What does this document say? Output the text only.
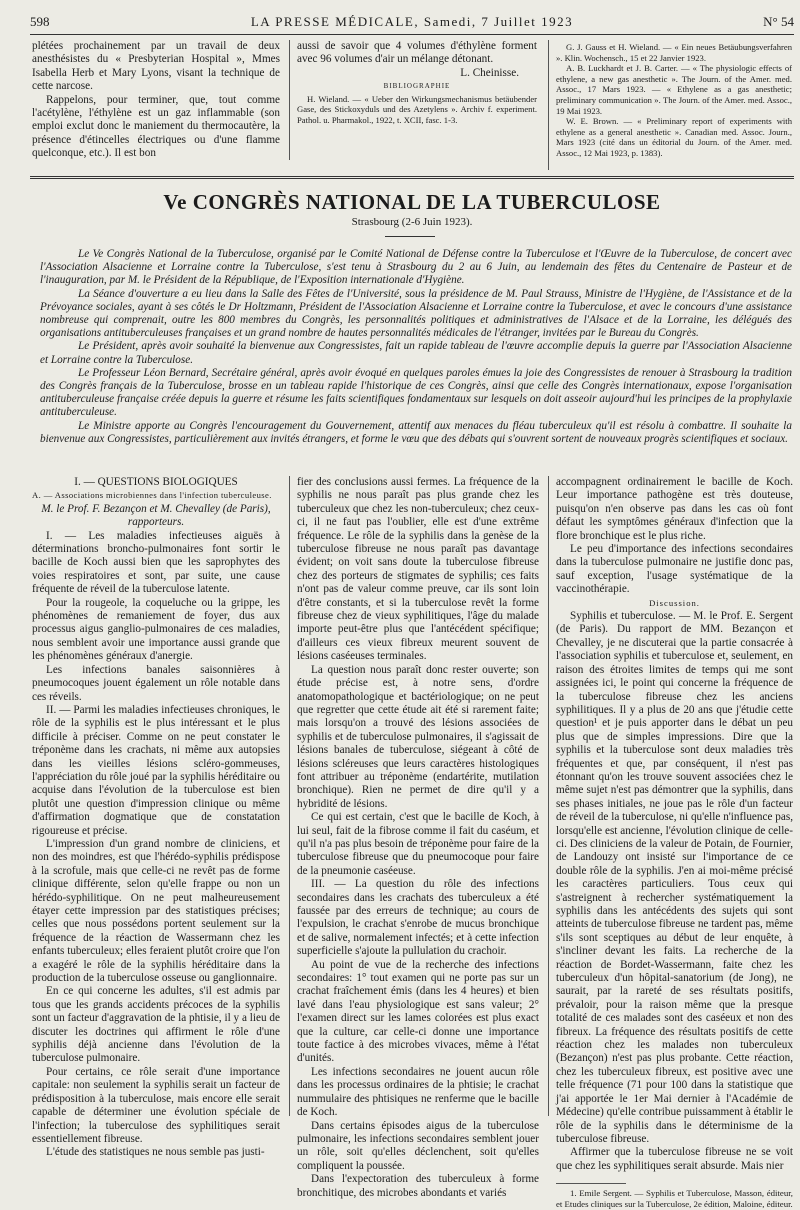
598	LA PRESSE MÉDICALE, Samedi, 7 Juillet 1923	N° 54

plétées prochainement par un travail de deux anesthésistes du « Presbyterian Hospital », Mmes Isabella Herb et Mary Lyons, visant la technique de cette narcose.

Rappelons, pour terminer, que, tout comme l'acétylène, l'éthylène est un gaz inflammable (son emploi exclut donc le maniement du thermocautère, la présence d'étincelles électriques ou d'une flamme quelconque, etc.). Il est bon

aussi de savoir que 4 volumes d'éthylène forment avec 96 volumes d'air un mélange détonant.

L. Cheinisse.

BIBLIOGRAPHIE

H. Wieland. — « Ueber den Wirkungsmechanismus betäubender Gase, des Stickoxyduls und des Azetylens ». Archiv f. experiment. Pathol. u. Pharmakol., 1922, t. XCII, fasc. 1-3.

G. J. Gauss et H. Wieland. — « Ein neues Betäubungsverfahren ». Klin. Wochensch., 15 et 22 Janvier 1923.

A. B. Luckhardt et J. B. Carter. — « The physiologic effects of ethylene, a new gas anesthetic ». The Journ. of the Amer. med. Assoc., 17 Mars 1923. — « Ethylene as a gas anesthetic; preliminary communication ». The Journ. of the Amer. med. Assoc., 19 Mai 1923.

W. E. Brown. — « Preliminary report of experiments with ethylene as a general anesthetic ». Canadian med. Assoc. Journ., Mars 1923 (cité dans un éditorial du Journ. of the Amer. med. Assoc., 12 Mai 1923, p. 1383).

Ve CONGRÈS NATIONAL DE LA TUBERCULOSE
Strasbourg (2-6 Juin 1923).

Le Ve Congrès National de la Tuberculose, organisé par le Comité National de Défense contre la Tuberculose et l'Œuvre de la Tuberculose, de concert avec l'Association Alsacienne et Lorraine contre la Tuberculose, s'est tenu à Strasbourg du 2 au 6 Juin, au lendemain des fêtes du Centenaire de Pasteur et de l'inauguration, par M. le Président de la République, de l'Exposition internationale d'Hygiène.

La Séance d'ouverture a eu lieu dans la Salle des Fêtes de l'Université, sous la présidence de M. Paul Strauss, Ministre de l'Hygiène, de l'Assistance et de la Prévoyance sociales, ayant à ses côtés le Dr Holtzmann, Président de l'Association Alsacienne et Lorraine contre la Tuberculose, et avec le concours d'une assistance nombreuse qui comprenait, outre les 800 membres du Congrès, les personnalités politiques et administratives de l'Alsace et de la Lorraine, les délégués des organisations antituberculeuses françaises et un grand nombre de hautes personnalités médicales de l'étranger, invitées par le Bureau du Congrès.

Le Président, après avoir souhaité la bienvenue aux Congressistes, fait un rapide tableau de l'œuvre accomplie depuis la guerre par l'Association Alsacienne et Lorraine contre la Tuberculose.

Le Professeur Léon Bernard, Secrétaire général, après avoir évoqué en quelques paroles émues la joie des Congressistes de renouer à Strasbourg la tradition des Congrès français de la Tuberculose, brosse en un tableau rapide l'historique de ces Congrès, ainsi que celle des Congrès internationaux, expose l'organisation antituberculeuse française créée depuis la guerre et résume les faits scientifiques fondamentaux sur lesquels on doit asseoir aujourd'hui les principes de la prophylaxie antituberculeuse.

Le Ministre apporte au Congrès l'encouragement du Gouvernement, attentif aux menaces du fléau tuberculeux qu'il est résolu à combattre. Il souhaite la bienvenue aux Congressistes, particulièrement aux invités étrangers, et forme le vœu que des débats qui s'ouvrent sortent de nouveaux progrès scientifiques et sociaux.

I. — QUESTIONS BIOLOGIQUES

A. — Associations microbiennes dans l'infection tuberculeuse.

M. le Prof. F. Bezançon et M. Chevalley (de Paris), rapporteurs.

I. — Les maladies infectieuses aiguës à déterminations broncho-pulmonaires font sortir le bacille de Koch aussi bien que les saprophytes des voies respiratoires et sont, par suite, une cause fréquente de réveil de la tuberculose latente.

Pour la rougeole, la coqueluche ou la grippe, les phénomènes de remaniement de foyer, dus aux processus aigus ganglio-pulmonaires de ces maladies, nous semblent avoir une importance aussi grande que les phénomènes généraux d'anergie.

Les infections banales saisonnières à pneumocoques jouent également un rôle notable dans ces réveils.

II. — Parmi les maladies infectieuses chroniques, le rôle de la syphilis est le plus intéressant et le plus difficile à préciser. Comme on ne peut constater le tréponème dans les crachats, ni même aux autopsies dans les vieilles lésions scléro-gommeuses, l'appréciation du rôle joué par la syphilis héréditaire ou acquise dans l'évolution de la tuberculose est bien plutôt une question d'impression clinique ou même d'affirmation dogmatique que de constatation rigoureuse et précise.

L'impression d'un grand nombre de cliniciens, et non des moindres, est que l'hérédo-syphilis prédispose à la scrofule, mais que celle-ci ne revêt pas de forme clinique différente, selon qu'elle frappe ou non un hérédo-syphilitique. On ne peut malheureusement étayer cette impression par des statistiques précises; celles que nous possédons portent seulement sur la fréquence de la réaction de Wassermann chez les enfants tuberculeux; elles feraient plutôt croire que l'on a exagéré le rôle de la syphilis héréditaire dans la production de la tuberculose osseuse ou ganglionnaire.

En ce qui concerne les adultes, s'il est admis par tous que les grands accidents précoces de la syphilis sont un facteur d'aggravation de la phtisie, il y a lieu de discuter les doctrines qui affirment le rôle d'une syphilis déjà ancienne dans l'évolution de la tuberculose pulmonaire.

Pour certains, ce rôle serait d'une importance capitale: non seulement la syphilis serait un facteur de prédisposition à la tuberculose, mais encore elle serait capable de déterminer une évolution spéciale de l'infection; la tuberculose des syphilitiques serait essentiellement fibreuse.

L'étude des statistiques ne nous semble pas justi-

fier des conclusions aussi fermes. La fréquence de la syphilis ne nous paraît pas plus grande chez les tuberculeux que chez les non-tuberculeux; chez ceux-ci, il ne faut pas l'oublier, elle est d'une extrême fréquence. Le rôle de la syphilis dans la genèse de la tuberculose fibreuse ne nous paraît pas davantage évident; on voit sans doute la tuberculose fibreuse chez des porteurs de stigmates de syphilis; ces faits n'ont pas de valeur comme preuve, car ils sont loin d'être constants, et si la tuberculose revêt la forme fibreuse chez de vieux syphilitiques, l'âge du malade importe peut-être plus que l'antécédent spécifique; d'ailleurs ces vieux fibreux meurent souvent de lésions caséeuses terminales.

La question nous paraît donc rester ouverte; son étude précise est, à notre sens, d'ordre anatomopathologique et bactériologique; on ne peut que regretter que cette étude ait été si rarement faite; mais lorsqu'on a trouvé des lésions associées de syphilis et de tuberculose pulmonaires, il s'agissait de lésions banales de tuberculose, siégeant à côté de lésions scléreuses que leurs caractères histologiques font attribuer au tréponème (endartérite, mutilation bronchique). Rien ne permet de dire qu'il y a hybridité de lésions.

Ce qui est certain, c'est que le bacille de Koch, à lui seul, fait de la fibrose comme il fait du caséum, et qu'il n'a pas plus besoin de tréponème pour faire de la tuberculose fibreuse que du pneumocoque pour faire de la pneumonie caséeuse.

III. — La question du rôle des infections secondaires dans les crachats des tuberculeux a été faussée par des erreurs de technique; au cours de l'expulsion, le crachat s'enrobe de mucus bronchique et de salive, normalement infectés; et à cette infection superficielle s'ajoute la pullulation du crachoir.

Au point de vue de la recherche des infections secondaires: 1° tout examen qui ne porte pas sur un crachat fraîchement émis (dans les 4 heures) et bien lavé dans l'eau physiologique est sans valeur; 2° l'examen direct sur les lames colorées est plus exact que la culture, car celle-ci donne une importance toute factice à des microbes vivaces, même à l'état d'unités.

Les infections secondaires ne jouent aucun rôle dans les processus ordinaires de la phtisie; le crachat nummulaire des phtisiques ne renferme que le bacille de Koch.

Dans certains épisodes aigus de la tuberculose pulmonaire, les infections secondaires semblent jouer un rôle, soit qu'elles déclenchent, soit qu'elles compliquent la poussée.

Dans l'expectoration des tuberculeux à forme bronchitique, des microbes abondants et variés

accompagnent ordinairement le bacille de Koch. Leur importance pathogène est très douteuse, puisqu'on n'en observe pas dans les cas où font défaut les symptômes généraux d'infection que la flore bronchique est le plus riche.

Le peu d'importance des infections secondaires dans la tuberculose pulmonaire ne justifie donc pas, sauf exception, l'usage systématique de la vaccinothérapie.

Discussion.

Syphilis et tuberculose. — M. le Prof. E. Sergent (de Paris). Du rapport de MM. Bezançon et Chevalley, je ne discuterai que la partie consacrée à l'association syphilis et tuberculose et, seulement, en raison des étroites limites de temps qui me sont assignées ici, le point qui concerne la fréquence de la tuberculose fibreuse chez les anciens syphilitiques. Il y a plus de 20 ans que j'étudie cette question¹ et je puis apporter dans le débat un peu plus que de simples impressions. Dire que la syphilis et la tuberculose sont deux maladies très fréquentes et que, par conséquent, il n'est pas étonnant qu'on les trouve souvent associées chez le même sujet n'est pas démontrer que la syphilis, dans ses phases initiales, ne joue pas le rôle d'un facteur de réveil de la tuberculose, ni qu'elle n'influence pas, lorsqu'elle est ancienne, l'évolution clinique de celle-ci. Des cliniciens de la valeur de Potain, de Fournier, de Landouzy ont insisté sur l'importance de ce double rôle de la syphilis. J'en ai moi-même précisé les caractères particuliers. Tous ceux qui s'astreignent à rechercher systématiquement la syphilis dans les antécédents des sujets qui sont atteints de tuberculose fibreuse ne tardent pas, même s'ils sont sceptiques au début de leur enquête, à s'incliner devant les faits. La recherche de la réaction de Bordet-Wassermann, faite chez les tuberculeux d'un hôpital-sanatorium (de Jong), ne saurait, par la rareté de ses résultats positifs, prévaloir, pour la raison même que la presque totalité de ces malades sont des caséeux et non des fibreux. La fréquence des résultats positifs de cette réaction chez les malades non tuberculeux (Bezançon) n'est pas plus probante. Cette réaction, chez les tuberculeux fibreux, est positive avec une telle fréquence (71 pour 100 dans la statistique que j'ai apportée le 1er Mai dernier à l'Académie de Médecine) qu'elle contribue puissamment à établir le rôle de la syphilis dans le déterminisme de la tuberculose fibreuse.

Affirmer que la tuberculose fibreuse ne se voit que chez les syphilitiques serait absurde. Mais nier

1. Emile Sergent. — Syphilis et Tuberculose, Masson, éditeur, et Etudes cliniques sur la Tuberculose, 2e édition, Maloine, éditeur.
